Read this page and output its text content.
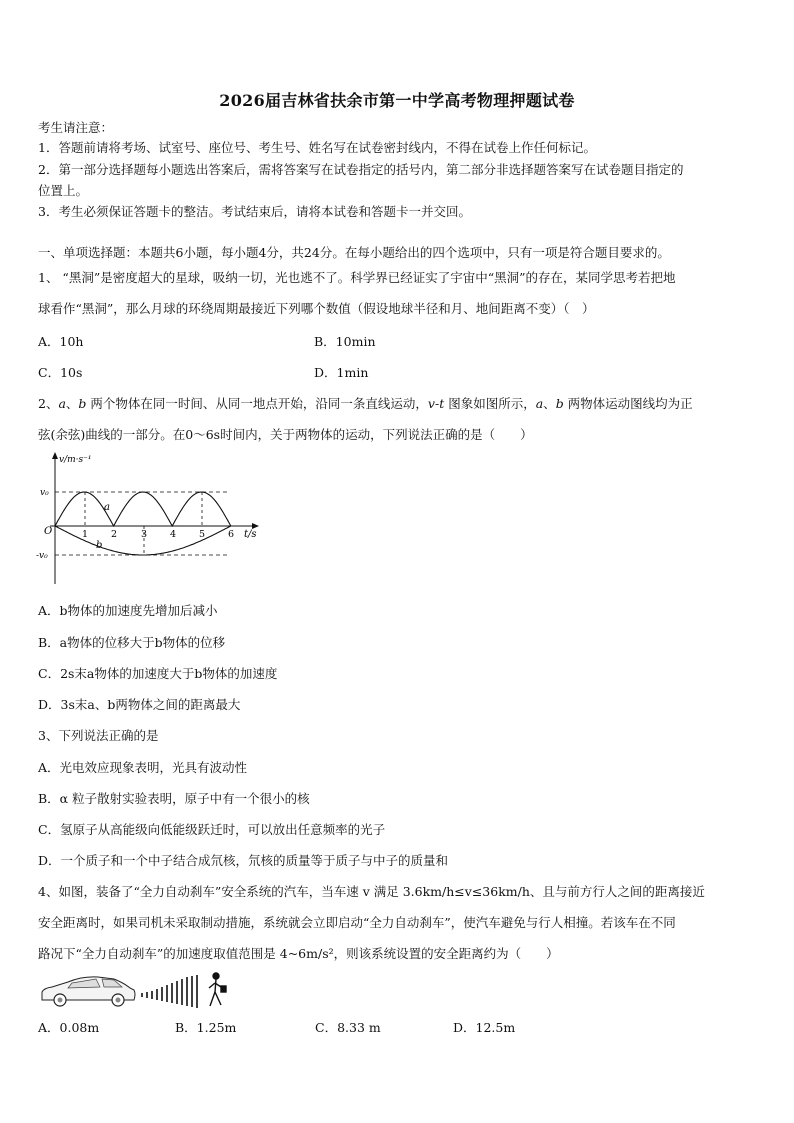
2026届吉林省扶余市第一中学高考物理押题试卷
考生请注意：
1．答题前请将考场、试室号、座位号、考生号、姓名写在试卷密封线内，不得在试卷上作任何标记。
2．第一部分选择题每小题选出答案后，需将答案写在试卷指定的括号内，第二部分非选择题答案写在试卷题目指定的
位置上。
3．考生必须保证答题卡的整洁。考试结束后，请将本试卷和答题卡一并交回。
一、单项选择题：本题共6小题，每小题4分，共24分。在每小题给出的四个选项中，只有一项是符合题目要求的。
1、 “黑洞”是密度超大的星球，吸纳一切，光也逃不了。科学界已经证实了宇宙中“黑洞”的存在，某同学思考若把地
球看作“黑洞”，那么月球的环绕周期最接近下列哪个数值（假设地球半径和月、地间距离不变）（　）
A．10h	B．10min
C．10s	D．1min
2、a、b 两个物体在同一时间、从同一地点开始，沿同一条直线运动，v-t 图象如图所示，a、b 两物体运动图线均为正
弦(余弦)曲线的一部分。在0～6s时间内，关于两物体的运动，下列说法正确的是（　　）
v/m·s⁻¹
v₀
-v₀
O	t/s
1 2	3 4 5 6
a
b
A．b物体的加速度先增加后减小
B．a物体的位移大于b物体的位移
C．2s末a物体的加速度大于b物体的加速度
D．3s末a、b两物体之间的距离最大
3、下列说法正确的是
A．光电效应现象表明，光具有波动性
B．α 粒子散射实验表明，原子中有一个很小的核
C．氢原子从高能级向低能级跃迁时，可以放出任意频率的光子
D．一个质子和一个中子结合成氘核，氘核的质量等于质子与中子的质量和
4、如图，装备了“全力自动刹车”安全系统的汽车，当车速 v 满足 3.6km/h≤v≤36km/h、且与前方行人之间的距离接近
安全距离时，如果司机未采取制动措施，系统就会立即启动“全力自动刹车”，使汽车避免与行人相撞。若该车在不同
路况下“全力自动刹车”的加速度取值范围是 4~6m/s²，则该系统设置的安全距离约为（　　）
A．0.08m	B．1.25m	C．8.33 m	D．12.5m
